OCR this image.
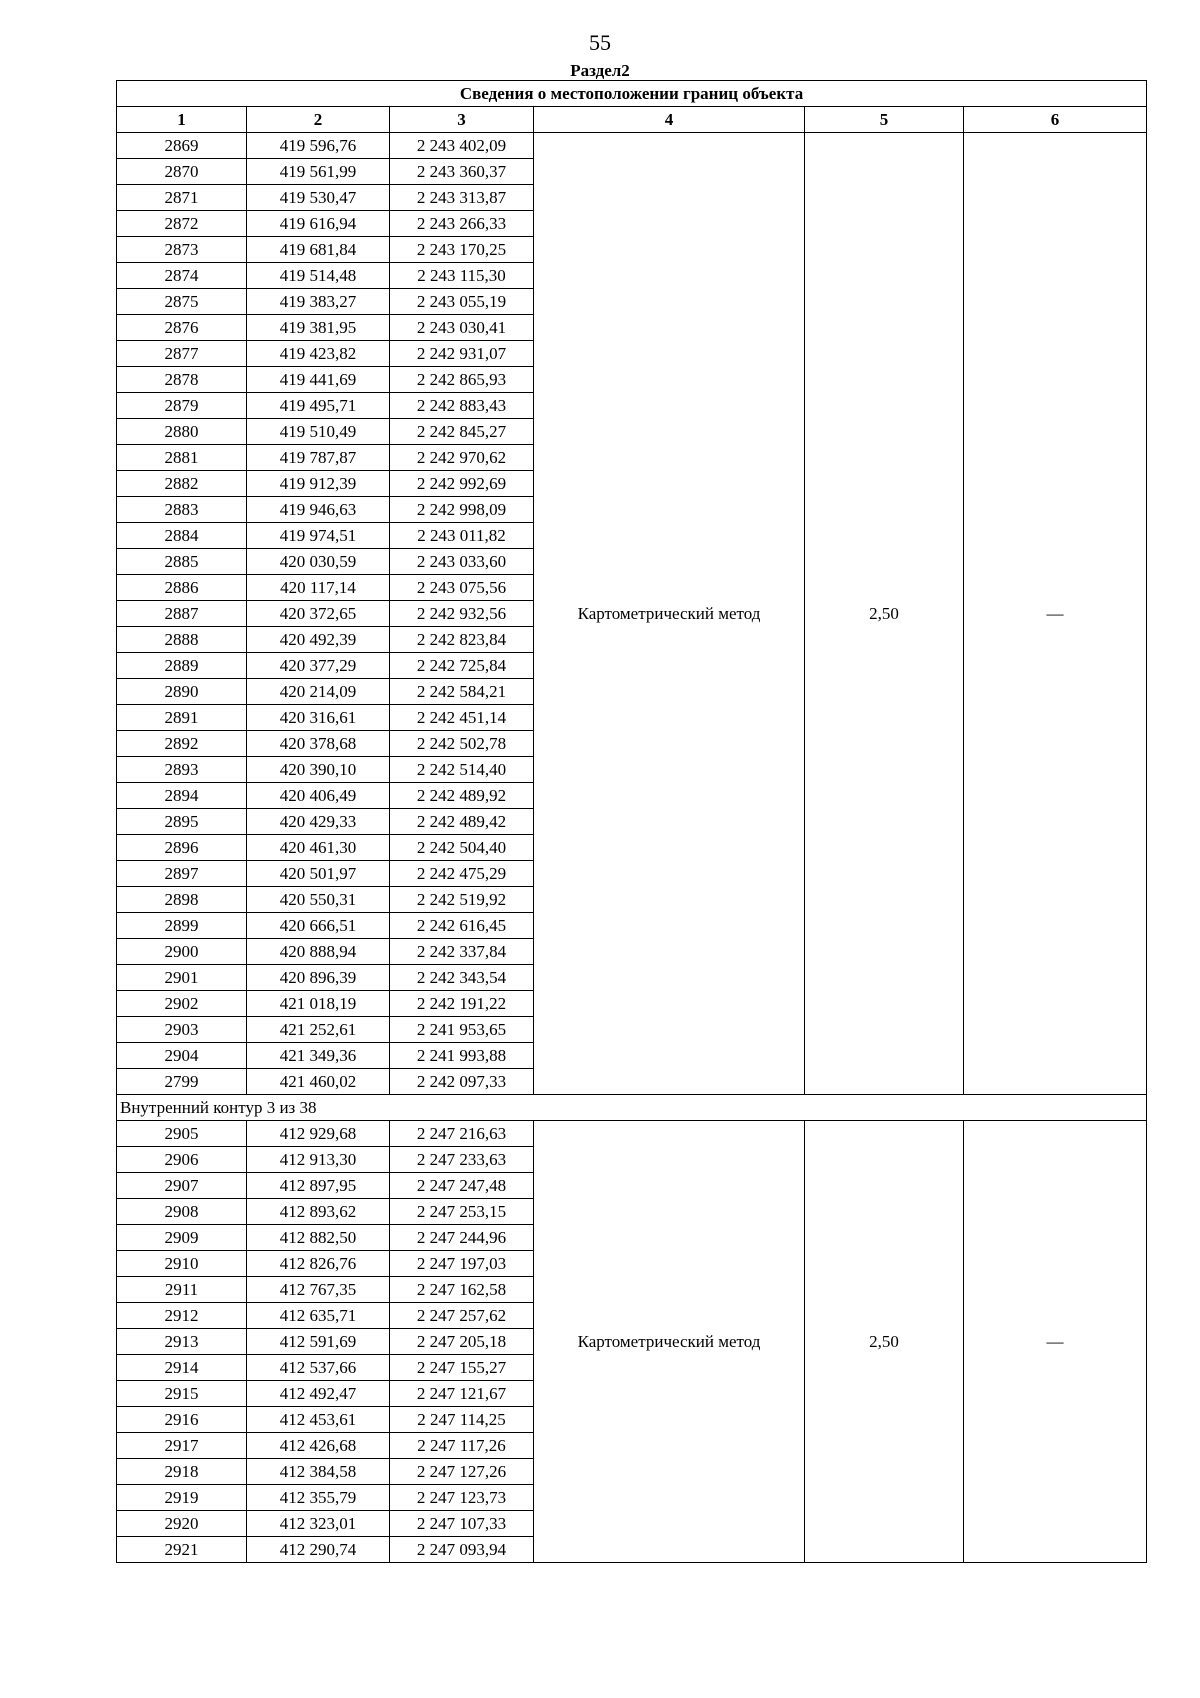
55
Раздел2
Сведения о местоположении границ объекта					
1	2	3	4	5	6
2869	419 596,76	2 243 402,09	Картометрический метод	2,50	—
2870	419 561,99	2 243 360,37			
2871	419 530,47	2 243 313,87			
2872	419 616,94	2 243 266,33			
2873	419 681,84	2 243 170,25			
2874	419 514,48	2 243 115,30			
2875	419 383,27	2 243 055,19			
2876	419 381,95	2 243 030,41			
2877	419 423,82	2 242 931,07			
2878	419 441,69	2 242 865,93			
2879	419 495,71	2 242 883,43			
2880	419 510,49	2 242 845,27			
2881	419 787,87	2 242 970,62			
2882	419 912,39	2 242 992,69			
2883	419 946,63	2 242 998,09			
2884	419 974,51	2 243 011,82			
2885	420 030,59	2 243 033,60			
2886	420 117,14	2 243 075,56			
2887	420 372,65	2 242 932,56			
2888	420 492,39	2 242 823,84			
2889	420 377,29	2 242 725,84			
2890	420 214,09	2 242 584,21			
2891	420 316,61	2 242 451,14			
2892	420 378,68	2 242 502,78			
2893	420 390,10	2 242 514,40			
2894	420 406,49	2 242 489,92			
2895	420 429,33	2 242 489,42			
2896	420 461,30	2 242 504,40			
2897	420 501,97	2 242 475,29			
2898	420 550,31	2 242 519,92			
2899	420 666,51	2 242 616,45			
2900	420 888,94	2 242 337,84			
2901	420 896,39	2 242 343,54			
2902	421 018,19	2 242 191,22			
2903	421 252,61	2 241 953,65			
2904	421 349,36	2 241 993,88			
2799	421 460,02	2 242 097,33			
Внутренний контур 3 из 38					
2905	412 929,68	2 247 216,63	Картометрический метод	2,50	—
2906	412 913,30	2 247 233,63			
2907	412 897,95	2 247 247,48			
2908	412 893,62	2 247 253,15			
2909	412 882,50	2 247 244,96			
2910	412 826,76	2 247 197,03			
2911	412 767,35	2 247 162,58			
2912	412 635,71	2 247 257,62			
2913	412 591,69	2 247 205,18			
2914	412 537,66	2 247 155,27			
2915	412 492,47	2 247 121,67			
2916	412 453,61	2 247 114,25			
2917	412 426,68	2 247 117,26			
2918	412 384,58	2 247 127,26			
2919	412 355,79	2 247 123,73			
2920	412 323,01	2 247 107,33			
2921	412 290,74	2 247 093,94			
